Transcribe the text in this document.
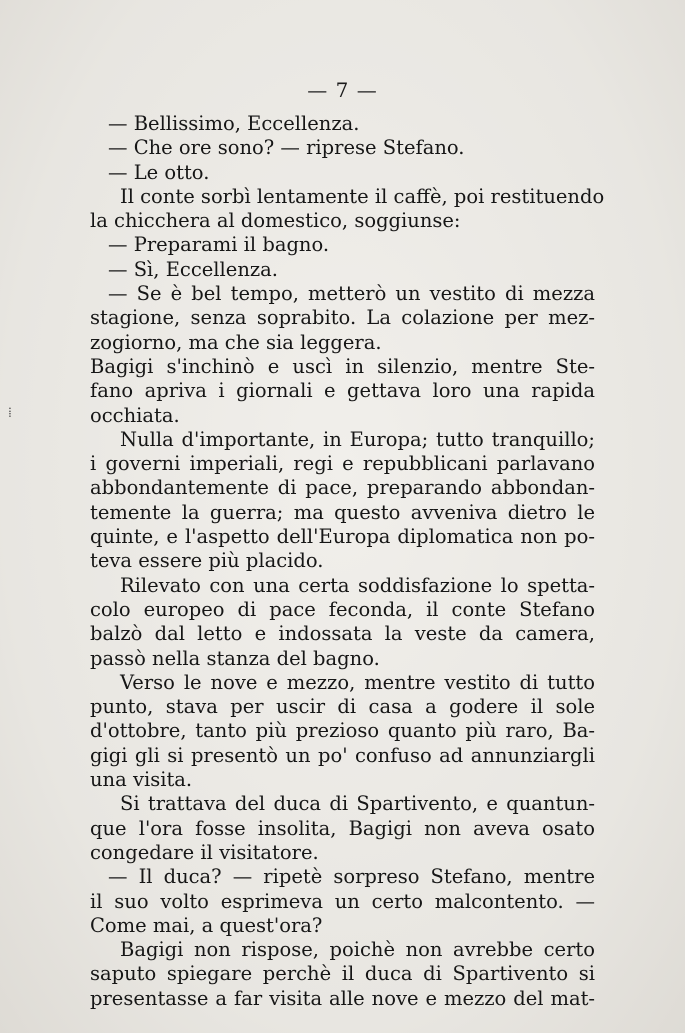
— 7 —
— Bellissimo, Eccellenza.
— Che ore sono? — riprese Stefano.
— Le otto.
Il conte sorbì lentamente il caffè, poi restituendo
la chicchera al domestico, soggiunse:
— Preparami il bagno.
— Sì, Eccellenza.
— Se è bel tempo, metterò un vestito di mezza
stagione, senza soprabito. La colazione per mez-
zogiorno, ma che sia leggera.
Bagigi s'inchinò e uscì in silenzio, mentre Ste-
fano apriva i giornali e gettava loro una rapida
occhiata.
Nulla d'importante, in Europa; tutto tranquillo;
i governi imperiali, regi e repubblicani parlavano
abbondantemente di pace, preparando abbondan-
temente la guerra; ma questo avveniva dietro le
quinte, e l'aspetto dell'Europa diplomatica non po-
teva essere più placido.
Rilevato con una certa soddisfazione lo spetta-
colo europeo di pace feconda, il conte Stefano
balzò dal letto e indossata la veste da camera,
passò nella stanza del bagno.
Verso le nove e mezzo, mentre vestito di tutto
punto, stava per uscir di casa a godere il sole
d'ottobre, tanto più prezioso quanto più raro, Ba-
gigi gli si presentò un po' confuso ad annunziargli
una visita.
Si trattava del duca di Spartivento, e quantun-
que l'ora fosse insolita, Bagigi non aveva osato
congedare il visitatore.
— Il duca? — ripetè sorpreso Stefano, mentre
il suo volto esprimeva un certo malcontento. —
Come mai, a quest'ora?
Bagigi non rispose, poichè non avrebbe certo
saputo spiegare perchè il duca di Spartivento si
presentasse a far visita alle nove e mezzo del mat-
⁞
